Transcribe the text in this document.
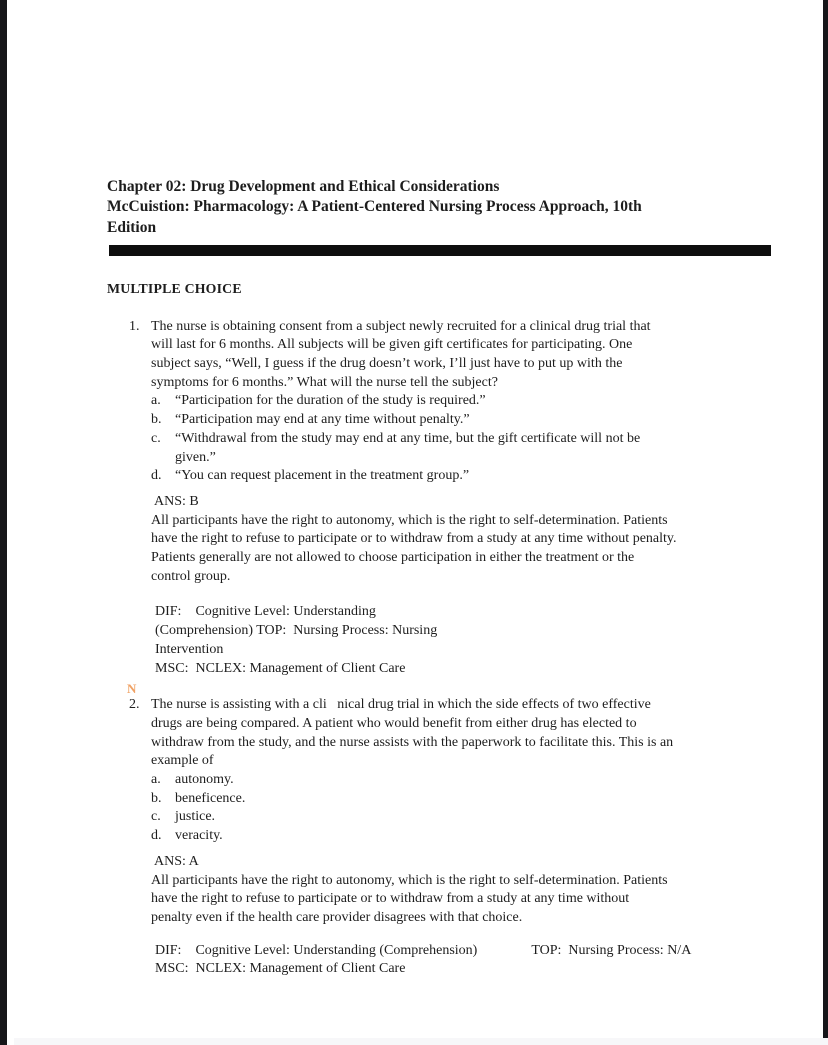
Chapter 02: Drug Development and Ethical Considerations
McCuistion: Pharmacology: A Patient-Centered Nursing Process Approach, 10th
Edition
MULTIPLE CHOICE
1. The nurse is obtaining consent from a subject newly recruited for a clinical drug trial that
will last for 6 months. All subjects will be given gift certificates for participating. One
subject says, “Well, I guess if the drug doesn’t work, I’ll just have to put up with the
symptoms for 6 months.” What will the nurse tell the subject?
a.	“Participation for the duration of the study is required.”
b. “Participation may end at any time without penalty.”
c.	“Withdrawal from the study may end at any time, but the gift certificate will not be
given.”
d. “You can request placement in the treatment group.”
ANS: B
All participants have the right to autonomy, which is the right to self-determination. Patients
have the right to refuse to participate or to withdraw from a study at any time without penalty.
Patients generally are not allowed to choose participation in either the treatment or the
control group.
DIF:    Cognitive Level: Understanding
(Comprehension) TOP:  Nursing Process: Nursing
Intervention
MSC:  NCLEX: Management of Client Care
N
2. The nurse is assisting with a cli   nical drug trial in which the side effects of two effective
drugs are being compared. A patient who would benefit from either drug has elected to
withdraw from the study, and the nurse assists with the paperwork to facilitate this. This is an
example of
a.	autonomy.
b. beneficence.
c.	justice.
d. veracity.
ANS: A
All participants have the right to autonomy, which is the right to self-determination. Patients
have the right to refuse to participate or to withdraw from a study at any time without
penalty even if the health care provider disagrees with that choice.
DIF:    Cognitive Level: Understanding (Comprehension)	TOP:  Nursing Process: N/A
MSC:  NCLEX: Management of Client Care
